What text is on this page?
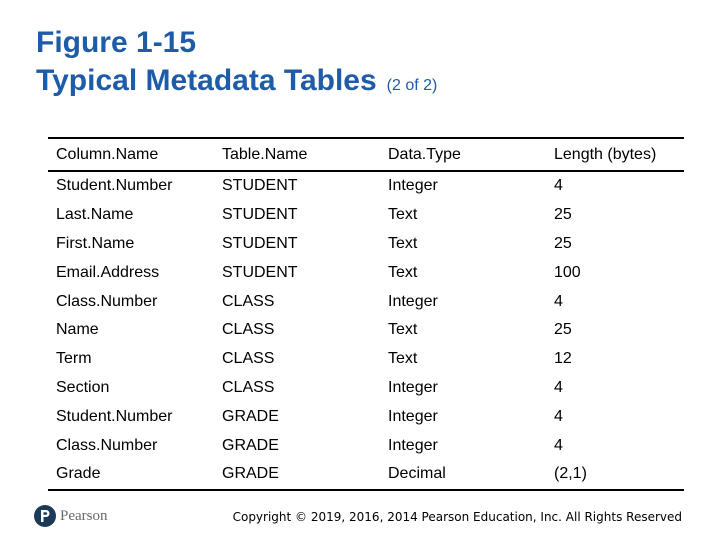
Figure 1-15
Typical Metadata Tables (2 of 2)
Column.Name	Table.Name	Data.Type	Length (bytes)
Student.Number	STUDENT	Integer	4
Last.Name	STUDENT	Text	25
First.Name	STUDENT	Text	25
Email.Address	STUDENT	Text	100
Class.Number	CLASS	Integer	4
Name	CLASS	Text	25
Term	CLASS	Text	12
Section	CLASS	Integer	4
Student.Number	GRADE	Integer	4
Class.Number	GRADE	Integer	4
Grade	GRADE	Decimal	(2,1)
Pearson	Copyright © 2019, 2016, 2014 Pearson Education, Inc. All Rights Reserved
